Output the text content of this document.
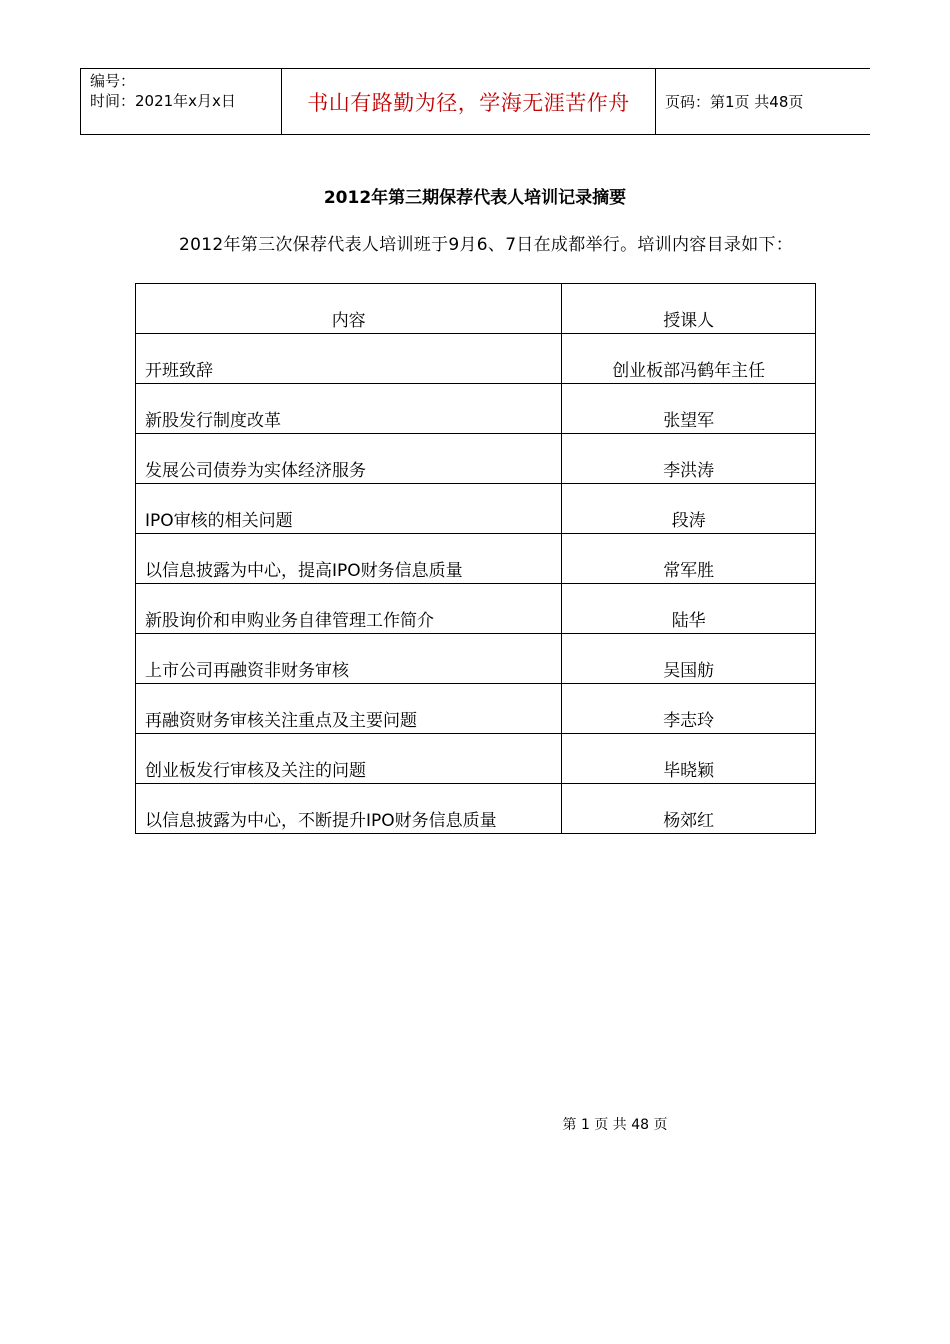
编号：
时间：2021年x月x日	书山有路勤为径，学海无涯苦作舟	页码：第1页 共48页
2012年第三期保荐代表人培训记录摘要
2012年第三次保荐代表人培训班于9月6、7日在成都举行。培训内容目录如下：
内容	授课人
开班致辞	创业板部冯鹤年主任
新股发行制度改革	张望军
发展公司债券为实体经济服务	李洪涛
IPO审核的相关问题	段涛
以信息披露为中心，提高IPO财务信息质量	常军胜
新股询价和申购业务自律管理工作简介	陆华
上市公司再融资非财务审核	吴国舫
再融资财务审核关注重点及主要问题	李志玲
创业板发行审核及关注的问题	毕晓颖
以信息披露为中心，不断提升IPO财务信息质量	杨郊红
第 1 页 共 48 页
